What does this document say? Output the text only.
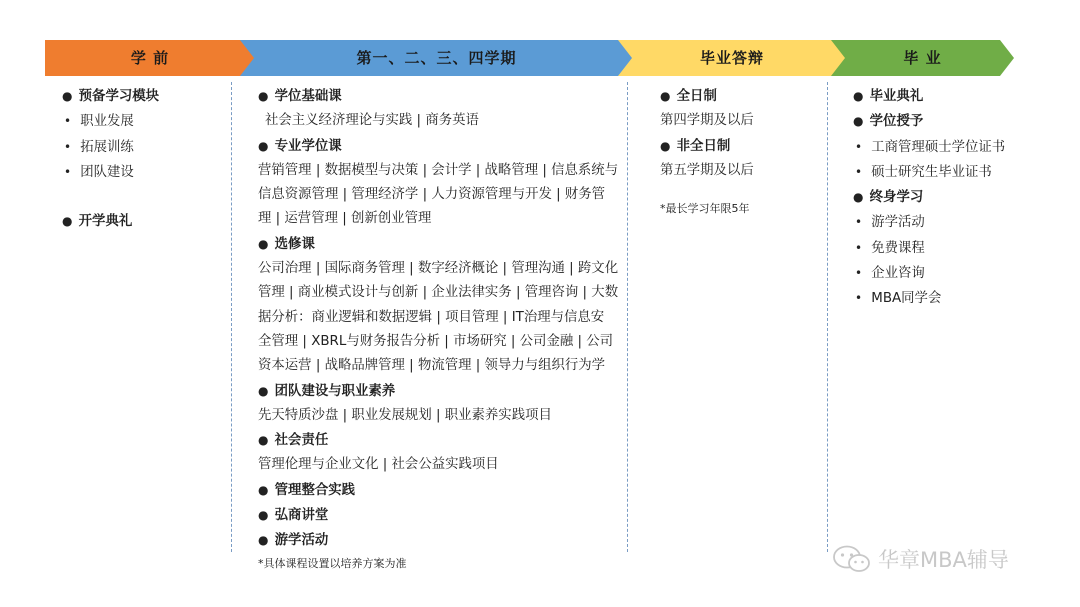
学 前	第一、二、三、四学期	毕业答辩	毕 业
● 预备学习模块
• 职业发展
• 拓展训练
• 团队建设
● 开学典礼
● 学位基础课
社会主义经济理论与实践 | 商务英语
● 专业学位课
营销管理 | 数据模型与决策 | 会计学 | 战略管理 | 信息系统与
信息资源管理 | 管理经济学 | 人力资源管理与开发 | 财务管
理 | 运营管理 | 创新创业管理
● 选修课
公司治理 | 国际商务管理 | 数字经济概论 | 管理沟通 | 跨文化
管理 | 商业模式设计与创新 | 企业法律实务 | 管理咨询 | 大数
据分析：商业逻辑和数据逻辑 | 项目管理 | IT治理与信息安
全管理 | XBRL与财务报告分析 | 市场研究 | 公司金融 | 公司
资本运营 | 战略品牌管理 | 物流管理 | 领导力与组织行为学
● 团队建设与职业素养
先天特质沙盘 | 职业发展规划 | 职业素养实践项目
● 社会责任
管理伦理与企业文化 | 社会公益实践项目
● 管理整合实践
● 弘商讲堂
● 游学活动
*具体课程设置以培养方案为准
● 全日制
第四学期及以后
● 非全日制
第五学期及以后
*最长学习年限5年
● 毕业典礼
● 学位授予
• 工商管理硕士学位证书
• 硕士研究生毕业证书
● 终身学习
• 游学活动
• 免费课程
• 企业咨询
• MBA同学会
华章MBA辅导
